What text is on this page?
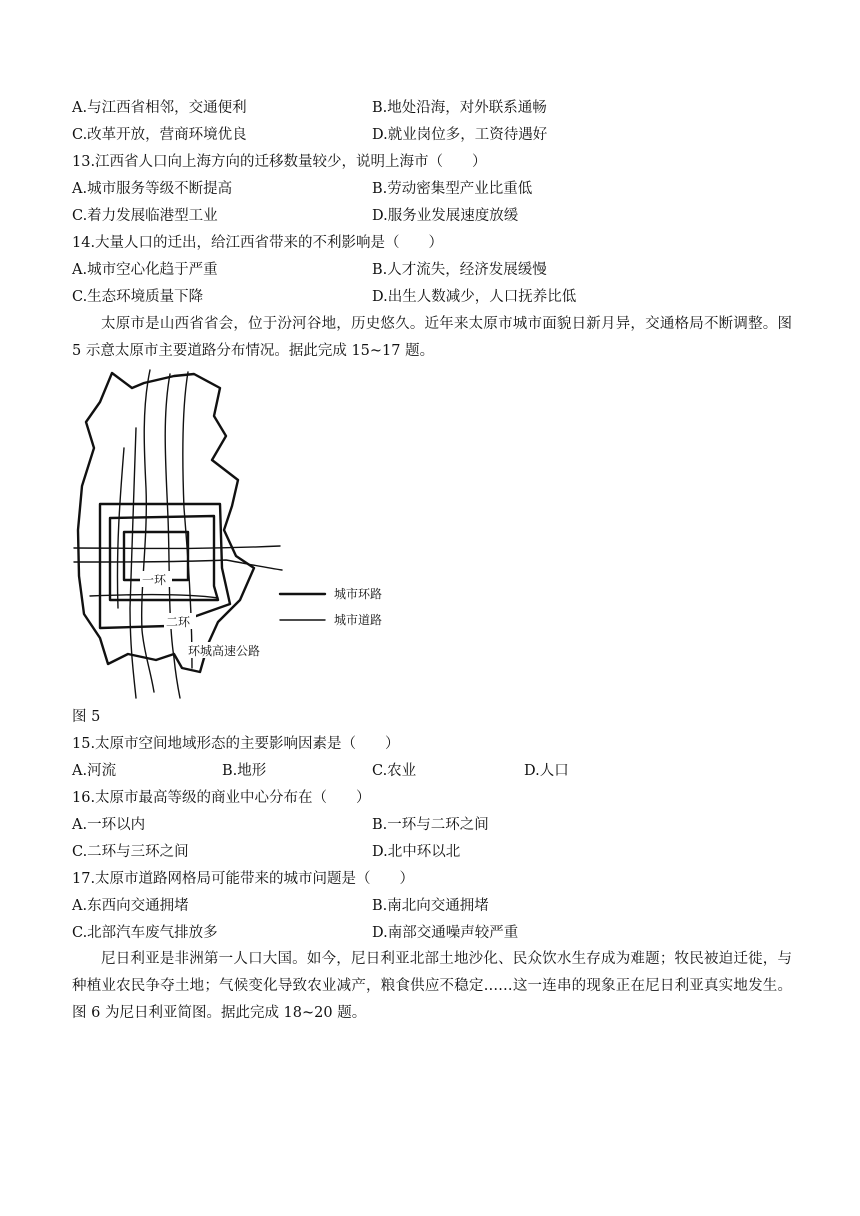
A.与江西省相邻，交通便利	B.地处沿海，对外联系通畅
C.改革开放，营商环境优良	D.就业岗位多，工资待遇好
13.江西省人口向上海方向的迁移数量较少，说明上海市（　　）
A.城市服务等级不断提高	B.劳动密集型产业比重低
C.着力发展临港型工业	D.服务业发展速度放缓
14.大量人口的迁出，给江西省带来的不利影响是（　　）
A.城市空心化趋于严重	B.人才流失，经济发展缓慢
C.生态环境质量下降	D.出生人数减少，人口抚养比低
太原市是山西省省会，位于汾河谷地，历史悠久。近年来太原市城市面貌日新月异，交通格局不断调整。图 5 示意太原市主要道路分布情况。据此完成 15~17 题。
一环
二环
环城高速公路
城市环路
城市道路
图 5
15.太原市空间地域形态的主要影响因素是（　　）
A.河流	B.地形	C.农业	D.人口
16.太原市最高等级的商业中心分布在（　　）
A.一环以内	B.一环与二环之间
C.二环与三环之间	D.北中环以北
17.太原市道路网格局可能带来的城市问题是（　　）
A.东西向交通拥堵	B.南北向交通拥堵
C.北部汽车废气排放多	D.南部交通噪声较严重
尼日利亚是非洲第一人口大国。如今，尼日利亚北部土地沙化、民众饮水生存成为难题；牧民被迫迁徙，与种植业农民争夺土地；气候变化导致农业减产，粮食供应不稳定……这一连串的现象正在尼日利亚真实地发生。图 6 为尼日利亚简图。据此完成 18~20 题。
